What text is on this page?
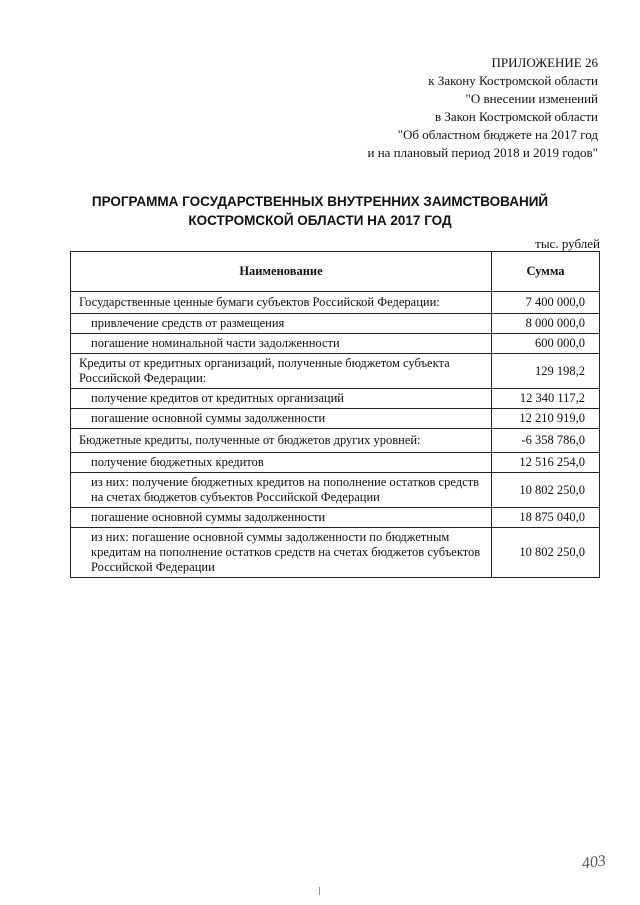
ПРИЛОЖЕНИЕ 26
к Закону Костромской области
"О внесении изменений
в Закон Костромской области
"Об областном бюджете на 2017 год
и на плановый период 2018 и 2019 годов"
ПРОГРАММА ГОСУДАРСТВЕННЫХ ВНУТРЕННИХ ЗАИМСТВОВАНИЙ
КОСТРОМСКОЙ ОБЛАСТИ НА 2017 ГОД
тыс. рублей
Наименование	Сумма
Государственные ценные бумаги субъектов Российской Федерации:	7 400 000,0
привлечение средств от размещения	8 000 000,0
погашение номинальной части задолженности	600 000,0
Кредиты от кредитных организаций, полученные бюджетом субъекта Российской Федерации:	129 198,2
получение кредитов от кредитных организаций	12 340 117,2
погашение основной суммы задолженности	12 210 919,0
Бюджетные кредиты, полученные от бюджетов других уровней:	-6 358 786,0
получение бюджетных кредитов	12 516 254,0
из них: получение бюджетных кредитов на пополнение остатков средств на счетах бюджетов субъектов Российской Федерации	10 802 250,0
погашение основной суммы задолженности	18 875 040,0
из них: погашение основной суммы задолженности по бюджетным кредитам на пополнение остатков средств на счетах бюджетов субъектов Российской Федерации	10 802 250,0
403
